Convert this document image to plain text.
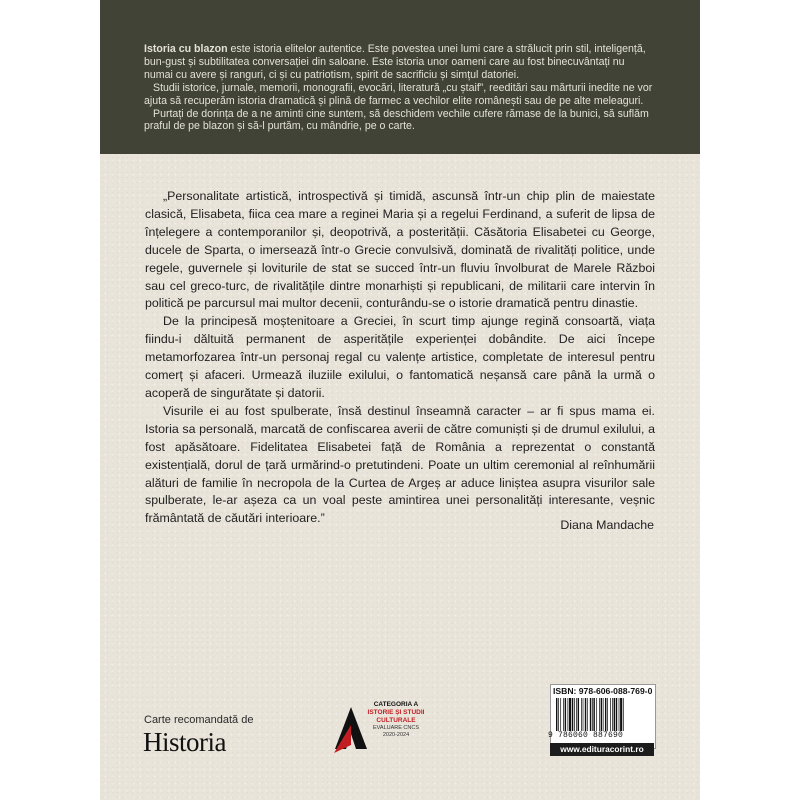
Istoria cu blazon este istoria elitelor autentice. Este povestea unei lumi care a strălucit prin stil, inteligență, bun-gust și subtilitatea conversației din saloane. Este istoria unor oameni care au fost binecuvântați nu numai cu avere și ranguri, ci și cu patriotism, spirit de sacrificiu și simțul datoriei.

Studii istorice, jurnale, memorii, monografii, evocări, literatură „cu ștaif”, reeditări sau mărturii inedite ne vor ajuta să recuperăm istoria dramatică și plină de farmec a vechilor elite românești sau de pe alte meleaguri.

Purtați de dorința de a ne aminti cine suntem, să deschidem vechile cufere rămase de la bunici, să suflăm praful de pe blazon și să-l purtăm, cu mândrie, pe o carte.

„Personalitate artistică, introspectivă și timidă, ascunsă într-un chip plin de maiestate clasică, Elisabeta, fiica cea mare a reginei Maria și a regelui Ferdinand, a suferit de lipsa de înțelegere a contemporanilor și, deopotrivă, a posterității. Căsătoria Elisabetei cu George, ducele de Sparta, o imersează într-o Grecie convulsivă, dominată de rivalități politice, unde regele, guvernele și loviturile de stat se succed într-un fluviu învolburat de Marele Război sau cel greco-turc, de rivalitățile dintre monarhiști și republicani, de militarii care intervin în politică pe parcursul mai multor decenii, conturându-se o istorie dramatică pentru dinastie.

De la principesă moștenitoare a Greciei, în scurt timp ajunge regină consoartă, viața fiindu-i dăltuită permanent de asperitățile experienței dobândite. De aici începe metamorfozarea într-un personaj regal cu valențe artistice, completate de interesul pentru comerț și afaceri. Urmează iluziile exilului, o fantomatică neșansă care până la urmă o acoperă de singurătate și datorii.

Visurile ei au fost spulberate, însă destinul înseamnă caracter – ar fi spus mama ei. Istoria sa personală, marcată de confiscarea averii de către comuniști și de drumul exilului, a fost apăsătoare. Fidelitatea Elisabetei față de România a reprezentat o constantă existențială, dorul de țară urmărind-o pretutindeni. Poate un ultim ceremonial al reînhumării alături de familie în necropola de la Curtea de Argeș ar aduce liniștea asupra visurilor sale spulberate, le-ar așeza ca un voal peste amintirea unei personalități interesante, veșnic frământată de căutări interioare.”	Diana Mandache
Carte recomandată de
Historia
CATEGORIA A
ISTORIE ȘI STUDII
CULTURALE
EVALUARE CNCS
2020-2024
ISBN: 978-606-088-769-0
9 786060 887690
www.edituracorint.ro
